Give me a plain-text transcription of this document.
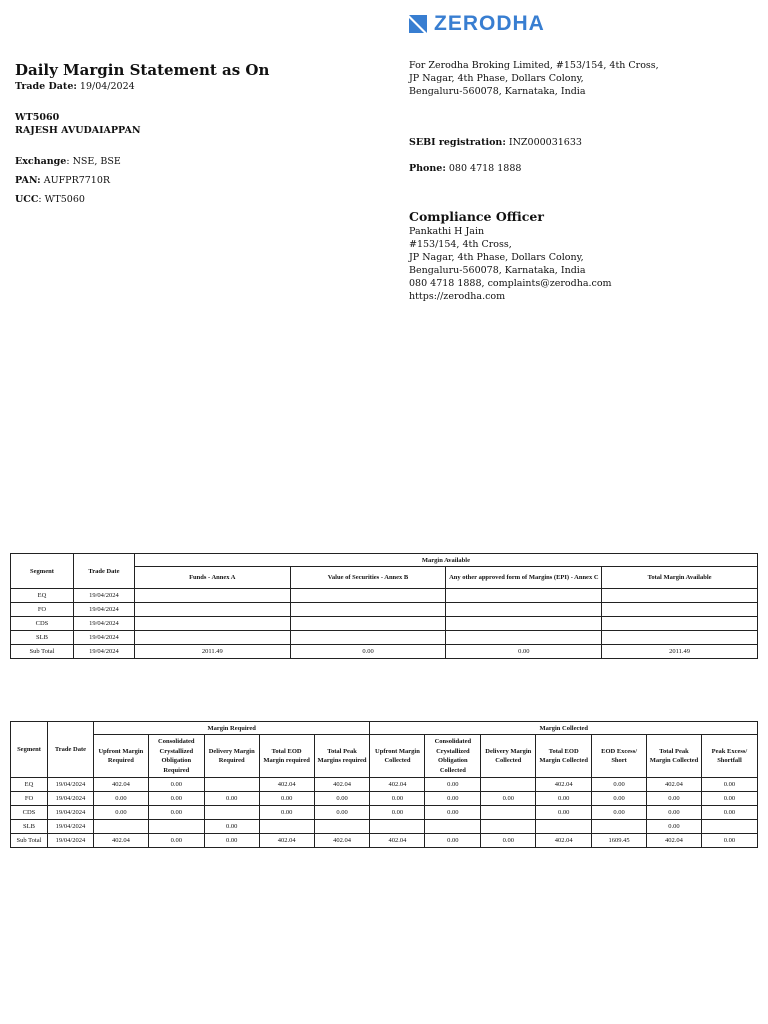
ZERODHA
Daily Margin Statement as On
Trade Date: 19/04/2024
WT5060
RAJESH AVUDAIAPPAN
Exchange: NSE, BSE
PAN: AUFPR7710R
UCC: WT5060
For Zerodha Broking Limited, #153/154, 4th Cross,
JP Nagar, 4th Phase, Dollars Colony,
Bengaluru-560078, Karnataka, India
SEBI registration: INZ000031633
Phone: 080 4718 1888
Compliance Officer
Pankathi H Jain
#153/154, 4th Cross,
JP Nagar, 4th Phase, Dollars Colony,
Bengaluru-560078, Karnataka, India
080 4718 1888, complaints@zerodha.com
https://zerodha.com
Segment	Trade Date	Margin Available			
		Funds - Annex A	Value of Securities - Annex B	Any other approved form of Margins (EPI) - Annex C	Total Margin Available
EQ	19/04/2024				
FO	19/04/2024				
CDS	19/04/2024				
SLB	19/04/2024				
Sub Total	19/04/2024	2011.49	0.00	0.00	2011.49
Segment	Trade Date	Margin Required					Margin Collected						
		Upfront Margin Required	Consolidated Crystallized Obligation Required	Delivery Margin Required	Total EOD Margin required	Total Peak Margins required	Upfront Margin Collected	Consolidated Crystallized Obligation Collected	Delivery Margin Collected	Total EOD Margin Collected	EOD Excess/ Short	Total Peak Margin Collected	Peak Excess/ Shortfall
EQ	19/04/2024	402.04	0.00		402.04	402.04	402.04	0.00		402.04	0.00	402.04	0.00
FO	19/04/2024	0.00	0.00	0.00	0.00	0.00	0.00	0.00	0.00	0.00	0.00	0.00	0.00
CDS	19/04/2024	0.00	0.00		0.00	0.00	0.00	0.00		0.00	0.00	0.00	0.00
SLB	19/04/2024			0.00								0.00	
Sub Total	19/04/2024	402.04	0.00	0.00	402.04	402.04	402.04	0.00	0.00	402.04	1609.45	402.04	0.00
